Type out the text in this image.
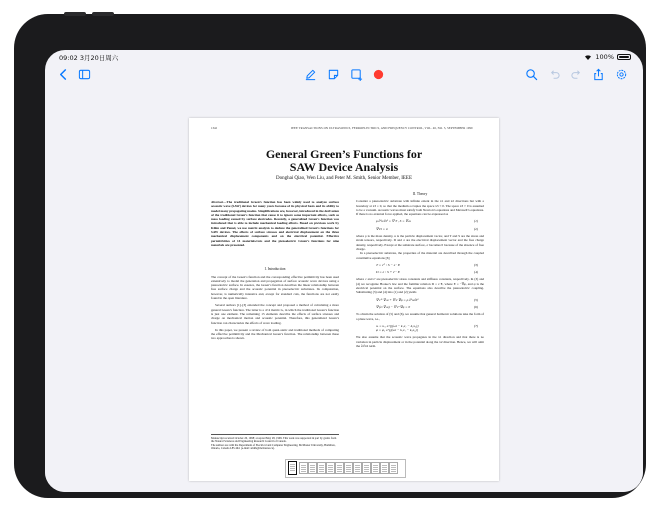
09:02 3月20日周六	100%
1342	IEEE TRANSACTIONS ON ULTRASONICS, FERROELECTRICS, AND FREQUENCY CONTROL, VOL. 46, NO. 5, SEPTEMBER 1999
General Green’s Functions for
SAW Device Analysis
Donghai Qiao, Wen Liu, and Peter M. Smith, Senior Member, IEEE

Abstract—The traditional Green’s function has been widely used to analyze surface acoustic wave (SAW) devices for many years because of its physical basis and its ability to model many propagating modes. Simplifications are, however, introduced in the derivation of the traditional Green’s function that cause it to ignore some important effects, such as mass loading caused by surface electrodes. Recently, a generalized Green’s function was introduced that is able to include mechanical loading effects. Based on previous work by Kühn and Pamel, we use matrix analysis to deduce the generalized Green’s functions for SAW devices. The effects of surface stresses and electrical displacement on the three mechanical displacement components and on the electrical potential. Effective permittivities of 14 materials/cuts and the piezoelectric Green’s functions for nine materials are presented.

I. Introduction

The concept of the Green’s function and the corresponding effective permittivity has been used extensively to model the generation and propagation of surface acoustic wave devices using a piezoelectric surface. In essence, the Green’s function describes the linear relationship between free surface charge and the acoustic potential in piezoelectric substrates. Its computation, however, is numerically intensive and, except for standard cuts, the functions are not easily found in the open literature.

Several authors [1]–[3] extended the concept and proposed a method of calculating a more general Green’s function. The latter is a 4×4 matrix G, in which the traditional Green’s function is just one element. The remaining 15 elements describe the effects of surface stresses and charge on mechanical motion and acoustic potential. Therefore, this generalized Green’s function can characterize the effects of wave loading.

In this paper, we present a review of both quasi-static and traditional methods of computing the effective permittivity and the Mechanical Green’s function. The relationship between these two approaches is shown.

Manuscript received October 20, 1998; accepted May 28, 1999. This work was supported in part by grants from the Natural Sciences and Engineering Research Council of Canada.
The authors are with the Department of Electrical and Computer Engineering, McMaster University, Hamilton, Ontario, Canada L8S 4K1 (e-mail: smith@mcmaster.ca).
II. Theory

Consider a piezoelectric substrate with infinite extent in the x1 and x2 directions but with a boundary at x3 = 0, so that the medium occupies the space x3 < 0. The space x3 > 0 is assumed to be a vacuum. Acoustic waves must satisfy both Newton’s equations and Maxwell’s equations. If there is no external force applied, the equations can be expressed as

ρ ∂²u/∂t² = ∇·T , S = ∇ₛu	(1)
∇·D = σ	(2)

where ρ is the mass density, u is the particle displacement vector, and T and S are the stress and strain tensors, respectively. D and σ are the electrical displacement vector and the free charge density, respectively. Except at the substrate surface, σ becomes 0 because of the absence of free charge.

In a piezoelectric substrate, the properties of the material are described through the coupled constitutive equations [6]

T = cᴱ : S − e · E	(3)
D = e : S + εˢ · E	(4)

where c and εˢ are piezoelectric stress constants and stiffness constants, respectively. In (3) and (4) we recognize Hooke’s law and the familiar relation D = ε·E, where E = −∇φ, and φ is the electrical potential on the surface. The equations also describe the piezoelectric coupling. Substituting (3) and (4) into (1) and (2) yields

∇·cᴱ·∇ₛu + ∇·e·∇φ = ρ ∂²u/∂t²	(5)
∇·(e:∇ₛu) − ∇·εˢ·∇φ = 0	(6)

To obtain the solution of (5) and (6), we assume that general harmonic solutions take the form of a plane wave, i.e.,

uᵢ = uᵢ₀ e^{j(ωt − k₁x₁ − k₃x₃)}
φ = φ₀ e^{j(ωt − k₁x₁ − k₃x₃)}
(7)

We also assume that the acoustic wave propagates in the x1 direction and that there is no variation in particle displacement or in the potential along the x2 direction. Hence, we will omit the ∂/∂x2 term.
